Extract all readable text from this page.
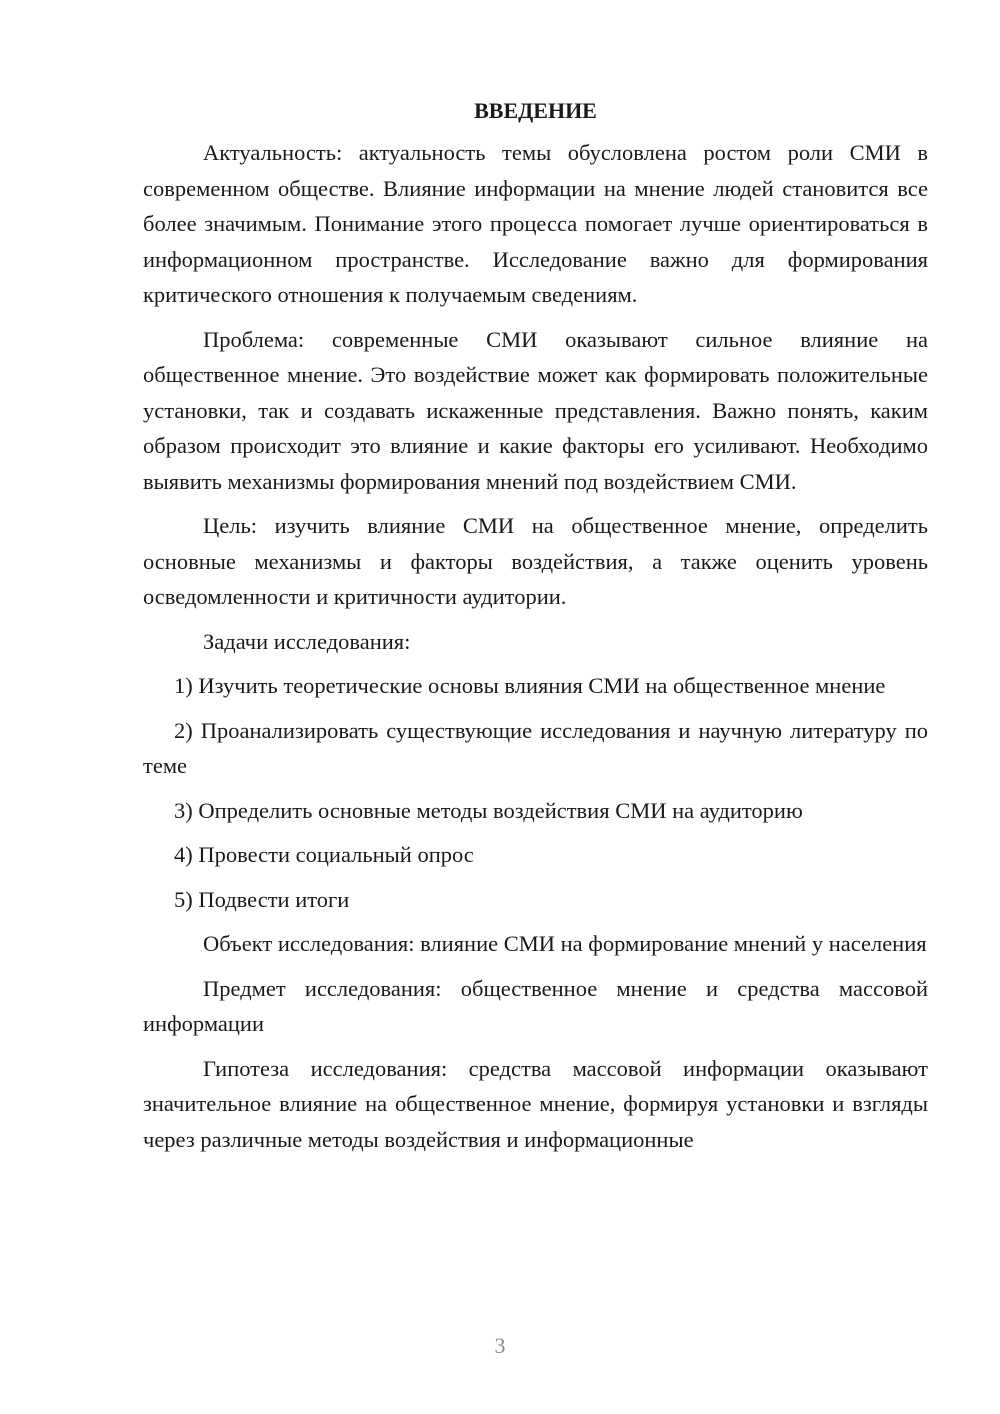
ВВЕДЕНИЕ

Актуальность: актуальность темы обусловлена ростом роли СМИ в современном обществе. Влияние информации на мнение людей становится все более значимым. Понимание этого процесса помогает лучше ориентироваться в информационном пространстве. Исследование важно для формирования критического отношения к получаемым сведениям.

Проблема: современные СМИ оказывают сильное влияние на общественное мнение. Это воздействие может как формировать положительные установки, так и создавать искаженные представления. Важно понять, каким образом происходит это влияние и какие факторы его усиливают. Необходимо выявить механизмы формирования мнений под воздействием СМИ.

Цель: изучить влияние СМИ на общественное мнение, определить основные механизмы и факторы воздействия, а также оценить уровень осведомленности и критичности аудитории.

Задачи исследования:

1) Изучить теоретические основы влияния СМИ на общественное мнение

2) Проанализировать существующие исследования и научную литературу по теме

3) Определить основные методы воздействия СМИ на аудиторию

4) Провести социальный опрос

5) Подвести итоги

Объект исследования: влияние СМИ на формирование мнений у населения

Предмет исследования: общественное мнение и средства массовой информации

Гипотеза исследования: средства массовой информации оказывают значительное влияние на общественное мнение, формируя установки и взгляды через различные методы воздействия и информационные

3
